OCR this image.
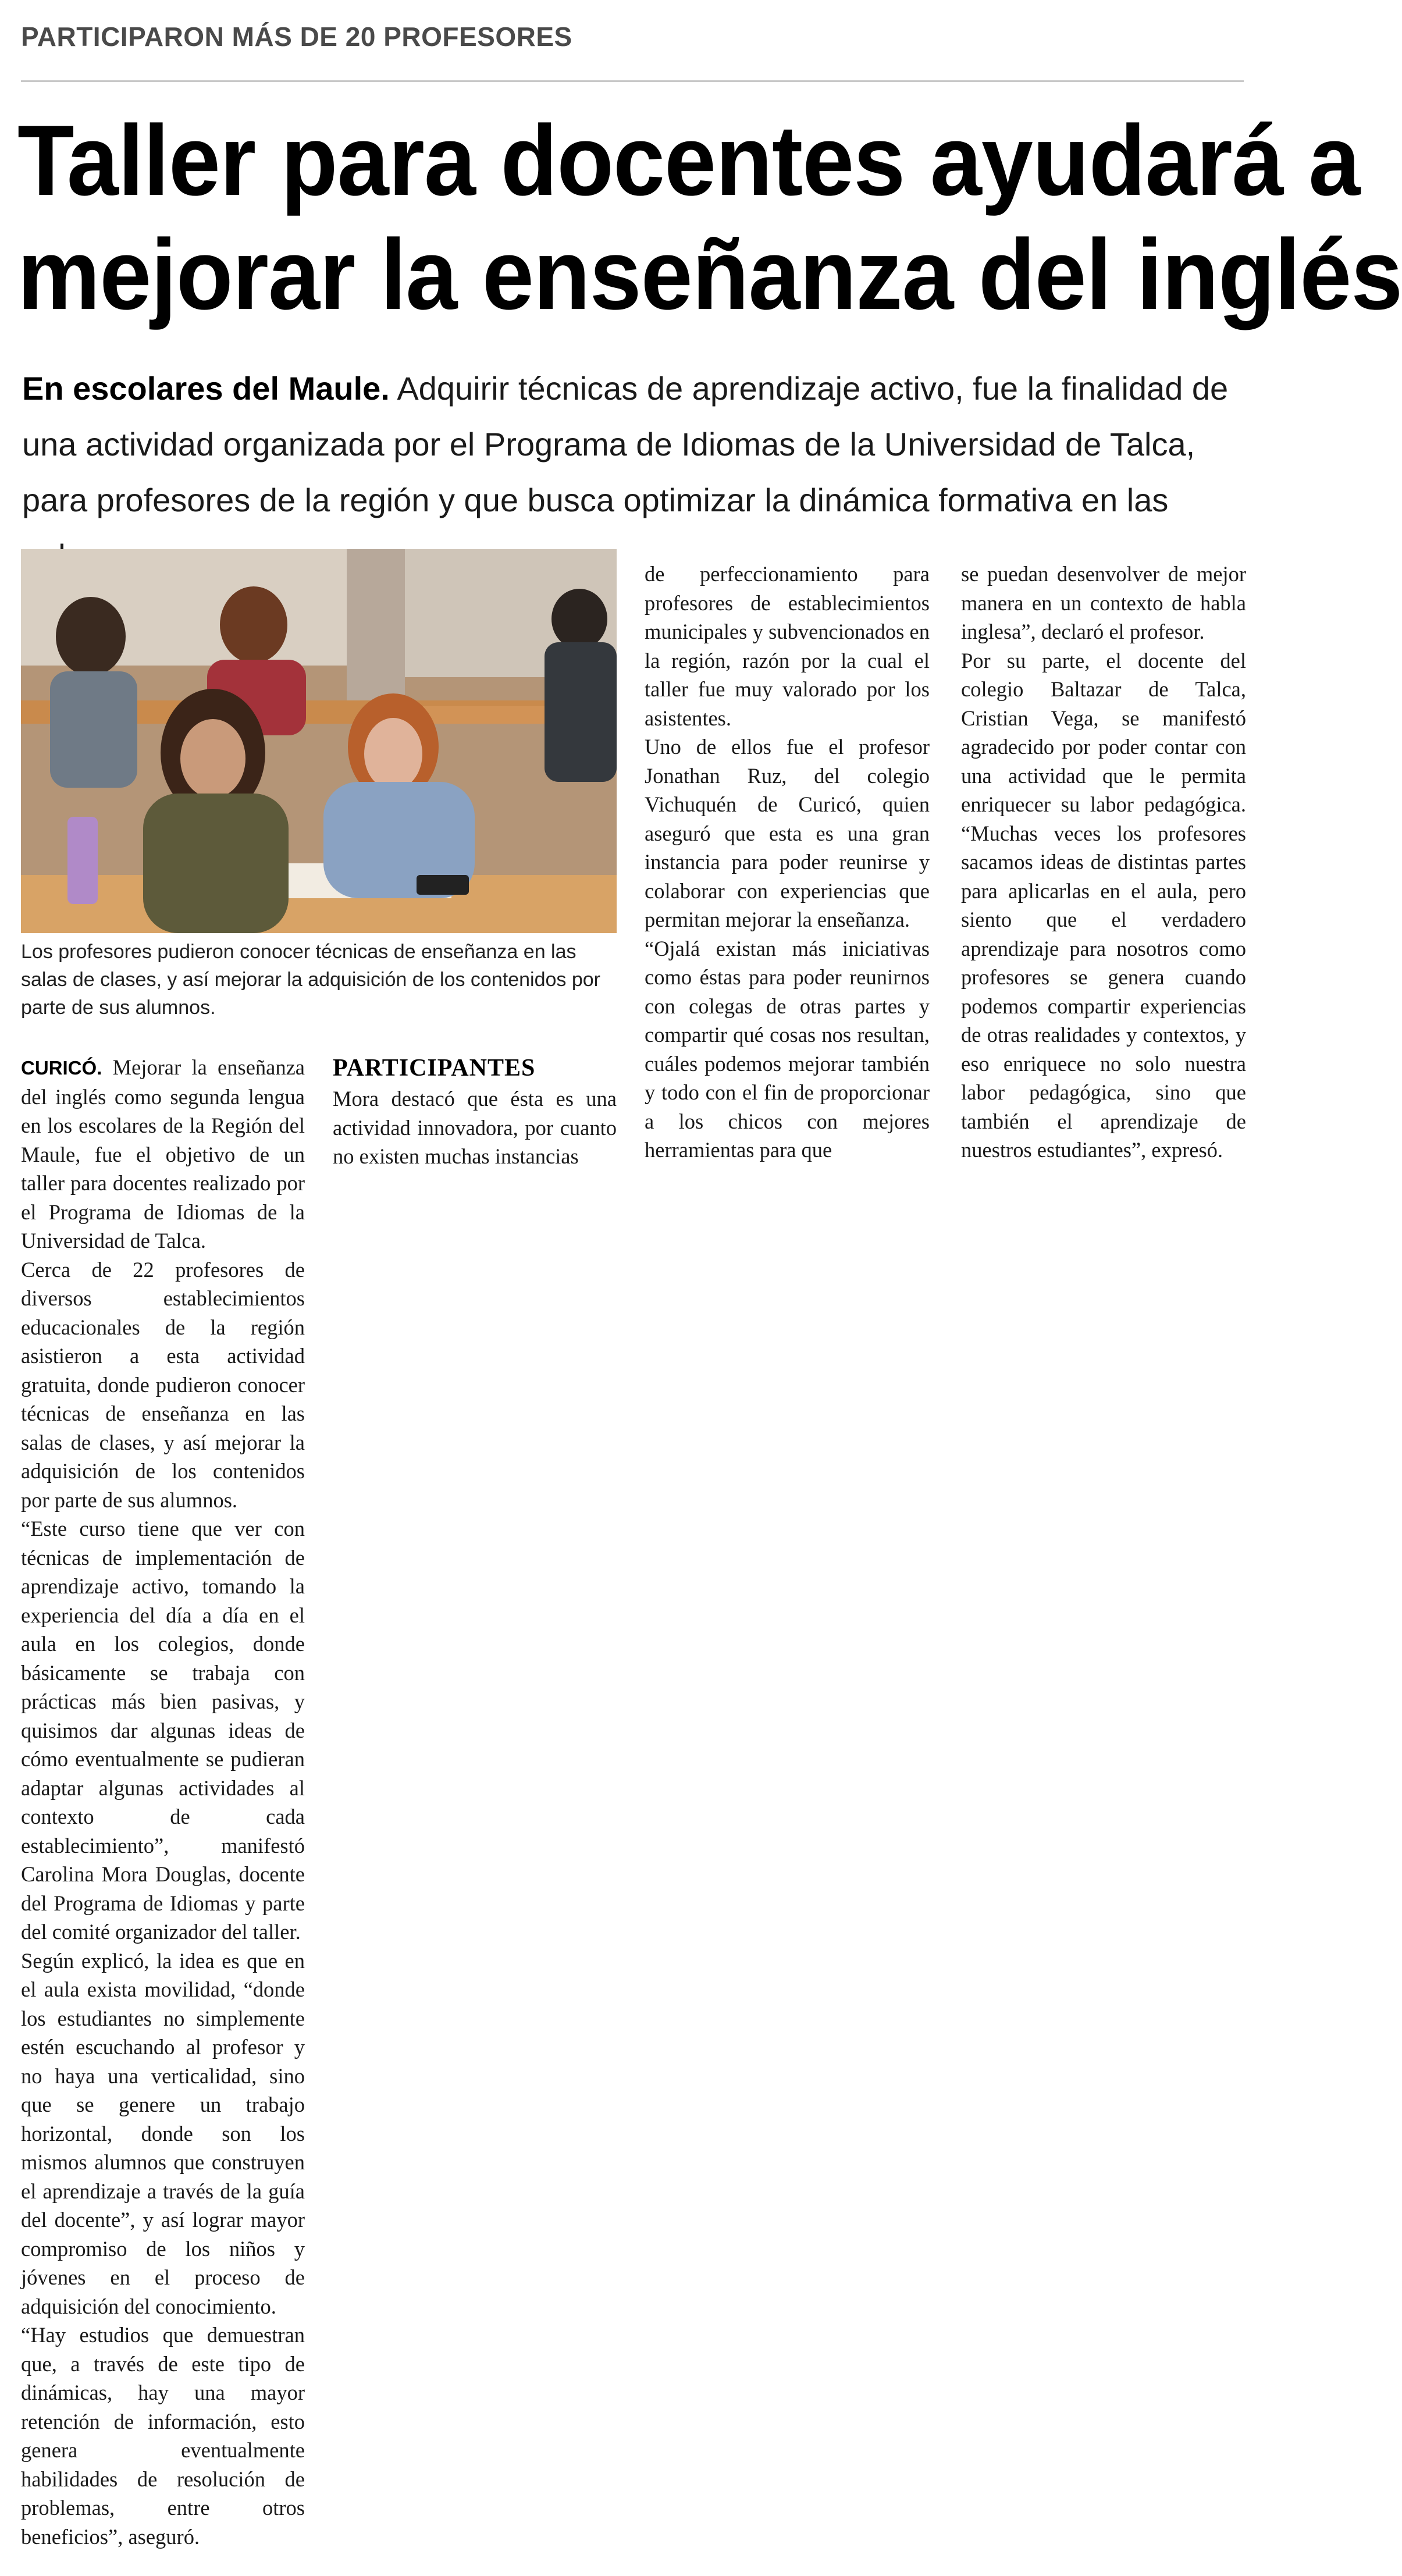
PARTICIPARON MÁS DE 20 PROFESORES
Taller para docentes ayudará a
mejorar la enseñanza del inglés
En escolares del Maule. Adquirir técnicas de aprendizaje activo, fue la finalidad de una actividad organizada por el Programa de Idiomas de la Universidad de Talca, para profesores de la región y que busca optimizar la dinámica formativa en las
Los profesores pudieron conocer técnicas de enseñanza en las salas de clases, y así mejorar la adquisición de los contenidos por parte de sus alumnos.

CURICÓ. Mejorar la enseñanza del inglés como segunda lengua en los escolares de la Región del Maule, fue el objetivo de un taller para docentes realizado por el Programa de Idiomas de la Universidad de Talca.

Cerca de 22 profesores de diversos establecimientos educacionales de la región asistieron a esta actividad gratuita, donde pudieron conocer técnicas de enseñanza en las salas de clases, y así mejorar la adquisición de los contenidos por parte de sus alumnos.

“Este curso tiene que ver con técnicas de implementación de aprendizaje activo, tomando la experiencia del día a día en el aula en los colegios, donde básicamente se trabaja con prácticas más bien pasivas, y quisimos dar algunas ideas de cómo eventualmente se pudieran adaptar algunas actividades al contexto de cada establecimiento”, manifestó Carolina Mora Douglas, docente del Programa de Idiomas y parte del comité organizador del taller.

Según explicó, la idea es que en el aula exista movilidad, “donde los estudiantes no simplemente estén escuchando al profesor y no haya una verticalidad, sino que se genere un trabajo horizontal, donde son los mismos alumnos que construyen el aprendizaje a través de la guía del docente”, y así lograr mayor compromiso de los niños y jóvenes en el proceso de adquisición del conocimiento.

“Hay estudios que demuestran que, a través de este tipo de dinámicas, hay una mayor retención de información, esto genera eventualmente habilidades de resolución de problemas, entre otros beneficios”, aseguró.

PARTICIPANTES

Mora destacó que ésta es una actividad innovadora, por cuanto no existen muchas instancias

de perfeccionamiento para profesores de establecimientos municipales y subvencionados en la región, razón por la cual el taller fue muy valorado por los asistentes.

Uno de ellos fue el profesor Jonathan Ruz, del colegio Vichuquén de Curicó, quien aseguró que esta es una gran instancia para poder reunirse y colaborar con experiencias que permitan mejorar la enseñanza.

“Ojalá existan más iniciativas como éstas para poder reunirnos con colegas de otras partes y compartir qué cosas nos resultan, cuáles podemos mejorar también y todo con el fin de proporcionar a los chicos con mejores herramientas para que

se puedan desenvolver de mejor manera en un contexto de habla inglesa”, declaró el profesor.

Por su parte, el docente del colegio Baltazar de Talca, Cristian Vega, se manifestó agradecido por poder contar con una actividad que le permita enriquecer su labor pedagógica. “Muchas veces los profesores sacamos ideas de distintas partes para aplicarlas en el aula, pero siento que el verdadero aprendizaje para nosotros como profesores se genera cuando podemos compartir experiencias de otras realidades y contextos, y eso enriquece no solo nuestra labor pedagógica, sino que también el aprendizaje de nuestros estudiantes”, expresó.
